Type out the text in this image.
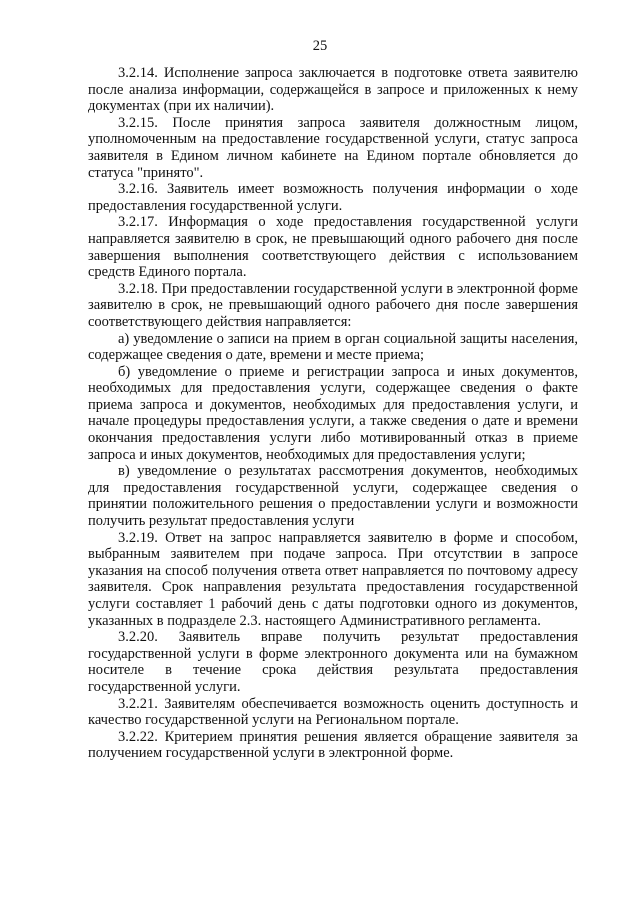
25

3.2.14. Исполнение запроса заключается в подготовке ответа заявителю после анализа информации, содержащейся в запросе и приложенных к нему документах (при их наличии).

3.2.15. После принятия запроса заявителя должностным лицом, уполномоченным на предоставление государственной услуги, статус запроса заявителя в Едином личном кабинете на Едином портале обновляется до статуса "принято".

3.2.16. Заявитель имеет возможность получения информации о ходе предоставления государственной услуги.

3.2.17. Информация о ходе предоставления государственной услуги направляется заявителю в срок, не превышающий одного рабочего дня после завершения выполнения соответствующего действия с использованием средств Единого портала.

3.2.18. При предоставлении государственной услуги в электронной форме заявителю в срок, не превышающий одного рабочего дня после завершения соответствующего действия направляется:

а) уведомление о записи на прием в орган социальной защиты населения, содержащее сведения о дате, времени и месте приема;

б) уведомление о приеме и регистрации запроса и иных документов, необходимых для предоставления услуги, содержащее сведения о факте приема запроса и документов, необходимых для предоставления услуги, и начале процедуры предоставления услуги, а также сведения о дате и времени окончания предоставления услуги либо мотивированный отказ в приеме запроса и иных документов, необходимых для предоставления услуги;

в) уведомление о результатах рассмотрения документов, необходимых для предоставления государственной услуги, содержащее сведения о принятии положительного решения о предоставлении услуги и возможности получить результат предоставления услуги

3.2.19. Ответ на запрос направляется заявителю в форме и способом, выбранным заявителем при подаче запроса. При отсутствии в запросе указания на способ получения ответа ответ направляется по почтовому адресу заявителя. Срок направления результата предоставления государственной услуги составляет 1 рабочий день с даты подготовки одного из документов, указанных в подразделе 2.3. настоящего Административного регламента.

3.2.20. Заявитель вправе получить результат предоставления государственной услуги в форме электронного документа или на бумажном носителе в течение срока действия результата предоставления государственной услуги.

3.2.21. Заявителям обеспечивается возможность оценить доступность и качество государственной услуги на Региональном портале.

3.2.22. Критерием принятия решения является обращение заявителя за получением государственной услуги в электронной форме.
